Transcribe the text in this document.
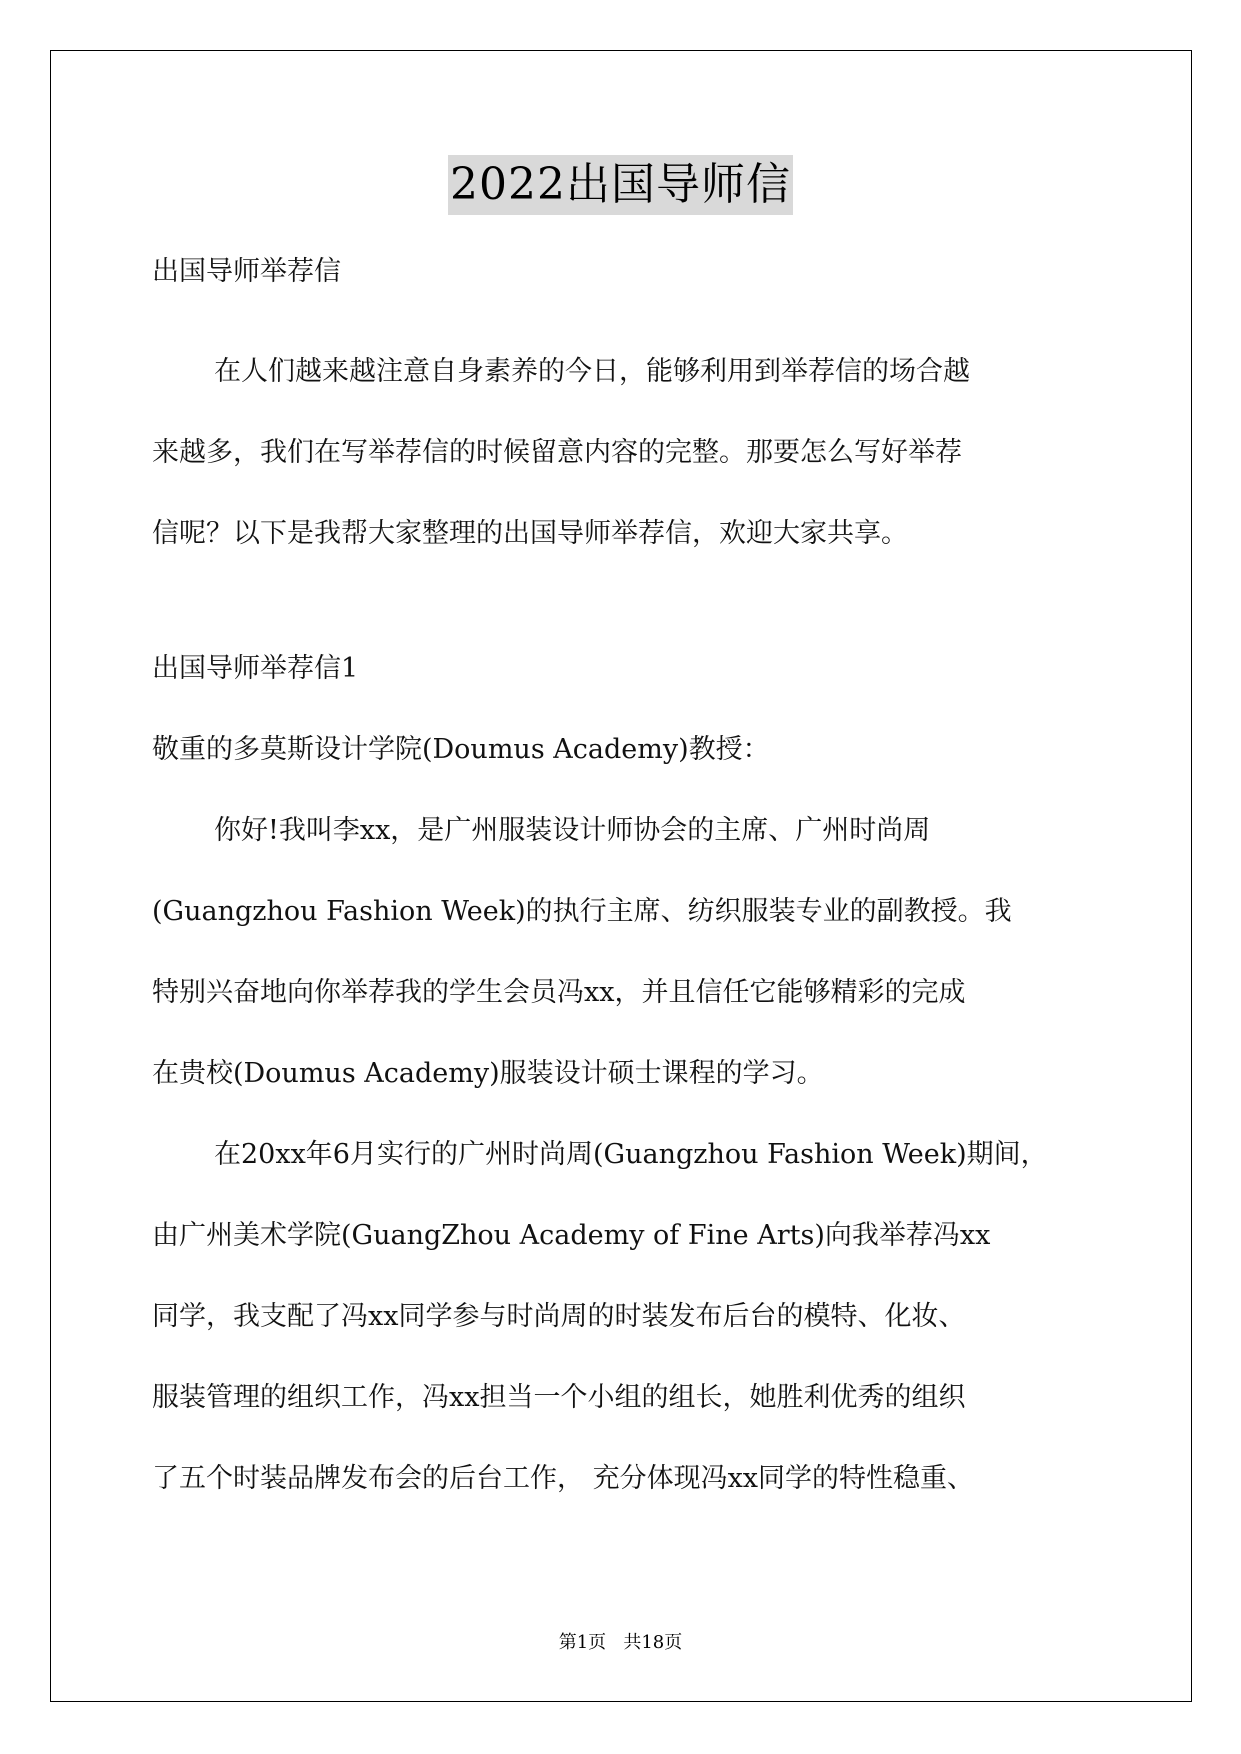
2022出国导师信
出国导师举荐信
在人们越来越注意自身素养的今日，能够利用到举荐信的场合越
来越多，我们在写举荐信的时候留意内容的完整。那要怎么写好举荐
信呢？以下是我帮大家整理的出国导师举荐信，欢迎大家共享。
出国导师举荐信1
敬重的多莫斯设计学院(Doumus Academy)教授：
你好!我叫李xx，是广州服装设计师协会的主席、广州时尚周
(Guangzhou Fashion Week)的执行主席、纺织服装专业的副教授。我
特别兴奋地向你举荐我的学生会员冯xx，并且信任它能够精彩的完成
在贵校(Doumus Academy)服装设计硕士课程的学习。
在20xx年6月实行的广州时尚周(Guangzhou Fashion Week)期间，
由广州美术学院(GuangZhou Academy of Fine Arts)向我举荐冯xx
同学，我支配了冯xx同学参与时尚周的时装发布后台的模特、化妆、
服装管理的组织工作，冯xx担当一个小组的组长，她胜利优秀的组织
了五个时装品牌发布会的后台工作， 充分体现冯xx同学的特性稳重、
第1页   共18页
